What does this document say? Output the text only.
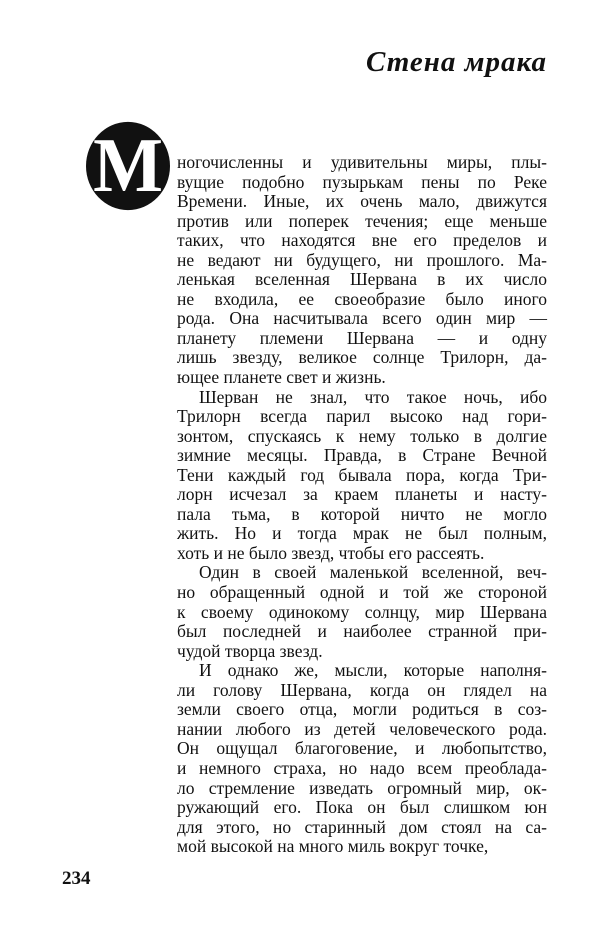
Стена мрака
М ногочисленны и удивительны миры, плы-
вущие подобно пузырькам пены по Реке
Времени. Иные, их очень мало, движутся
против или поперек течения; еще меньше
таких, что находятся вне его пределов и
не ведают ни будущего, ни прошлого. Ма-
ленькая вселенная Шервана в их число
не входила, ее своеобразие было иного
рода. Она насчитывала всего один мир —
планету племени Шервана — и одну
лишь звезду, великое солнце Трилорн, да-
ющее планете свет и жизнь.
Шерван не знал, что такое ночь, ибо
Трилорн всегда парил высоко над гори-
зонтом, спускаясь к нему только в долгие
зимние месяцы. Правда, в Стране Вечной
Тени каждый год бывала пора, когда Три-
лорн исчезал за краем планеты и насту-
пала тьма, в которой ничто не могло
жить. Но и тогда мрак не был полным,
хоть и не было звезд, чтобы его рассеять.
Один в своей маленькой вселенной, веч-
но обращенный одной и той же стороной
к своему одинокому солнцу, мир Шервана
был последней и наиболее странной при-
чудой творца звезд.
И однако же, мысли, которые наполня-
ли голову Шервана, когда он глядел на
земли своего отца, могли родиться в соз-
нании любого из детей человеческого рода.
Он ощущал благоговение, и любопытство,
и немного страха, но надо всем преоблада-
ло стремление изведать огромный мир, ок-
ружающий его. Пока он был слишком юн
для этого, но старинный дом стоял на са-
мой высокой на много миль вокруг точке,
234
